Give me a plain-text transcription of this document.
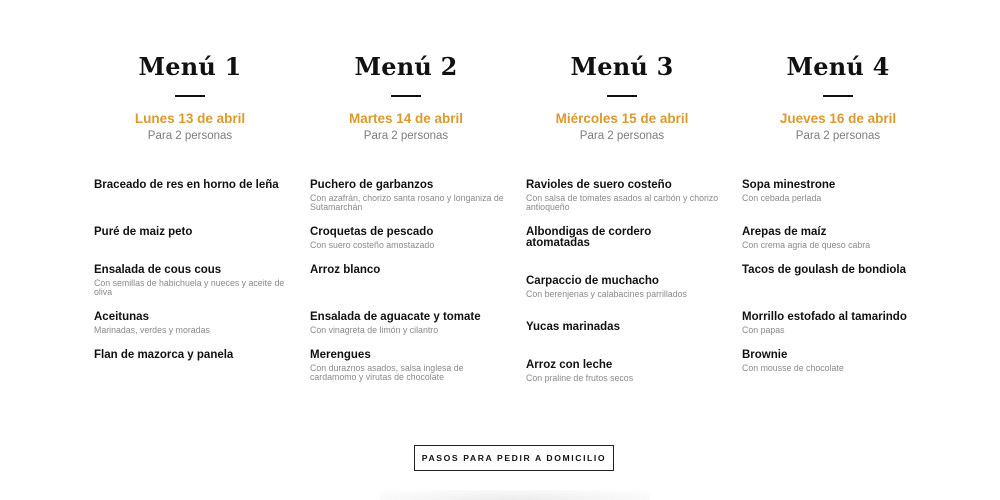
Menú 1
Lunes 13 de abril
Para 2 personas
Braceado de res en horno de leña
Puré de maiz peto
Ensalada de cous cous
Con semillas de habichuela y nueces y aceite de oliva
Aceitunas
Marinadas, verdes y moradas
Flan de mazorca y panela
Menú 2
Martes 14 de abril
Para 2 personas
Puchero de garbanzos
Con azafrán, chorizo santa rosano y longaniza de Sutamarchán
Croquetas de pescado
Con suero costeño amostazado
Arroz blanco
Ensalada de aguacate y tomate
Con vinagreta de limón y cilantro
Merengues
Con duraznos asados, salsa inglesa de cardamomo y virutas de chocolate
Menú 3
Miércoles 15 de abril
Para 2 personas
Ravioles de suero costeño
Con salsa de tomates asados al carbón y chorizo antioqueño
Albondigas de cordero atomatadas
Carpaccio de muchacho
Con berenjenas y calabacines parrillados
Yucas marinadas
Arroz con leche
Con praline de frutos secos
Menú 4
Jueves 16 de abril
Para 2 personas
Sopa minestrone
Con cebada perlada
Arepas de maíz
Con crema agria de queso cabra
Tacos de goulash de bondiola
Morrillo estofado al tamarindo
Con papas
Brownie
Con mousse de chocolate
PASOS PARA PEDIR A DOMICILIO
